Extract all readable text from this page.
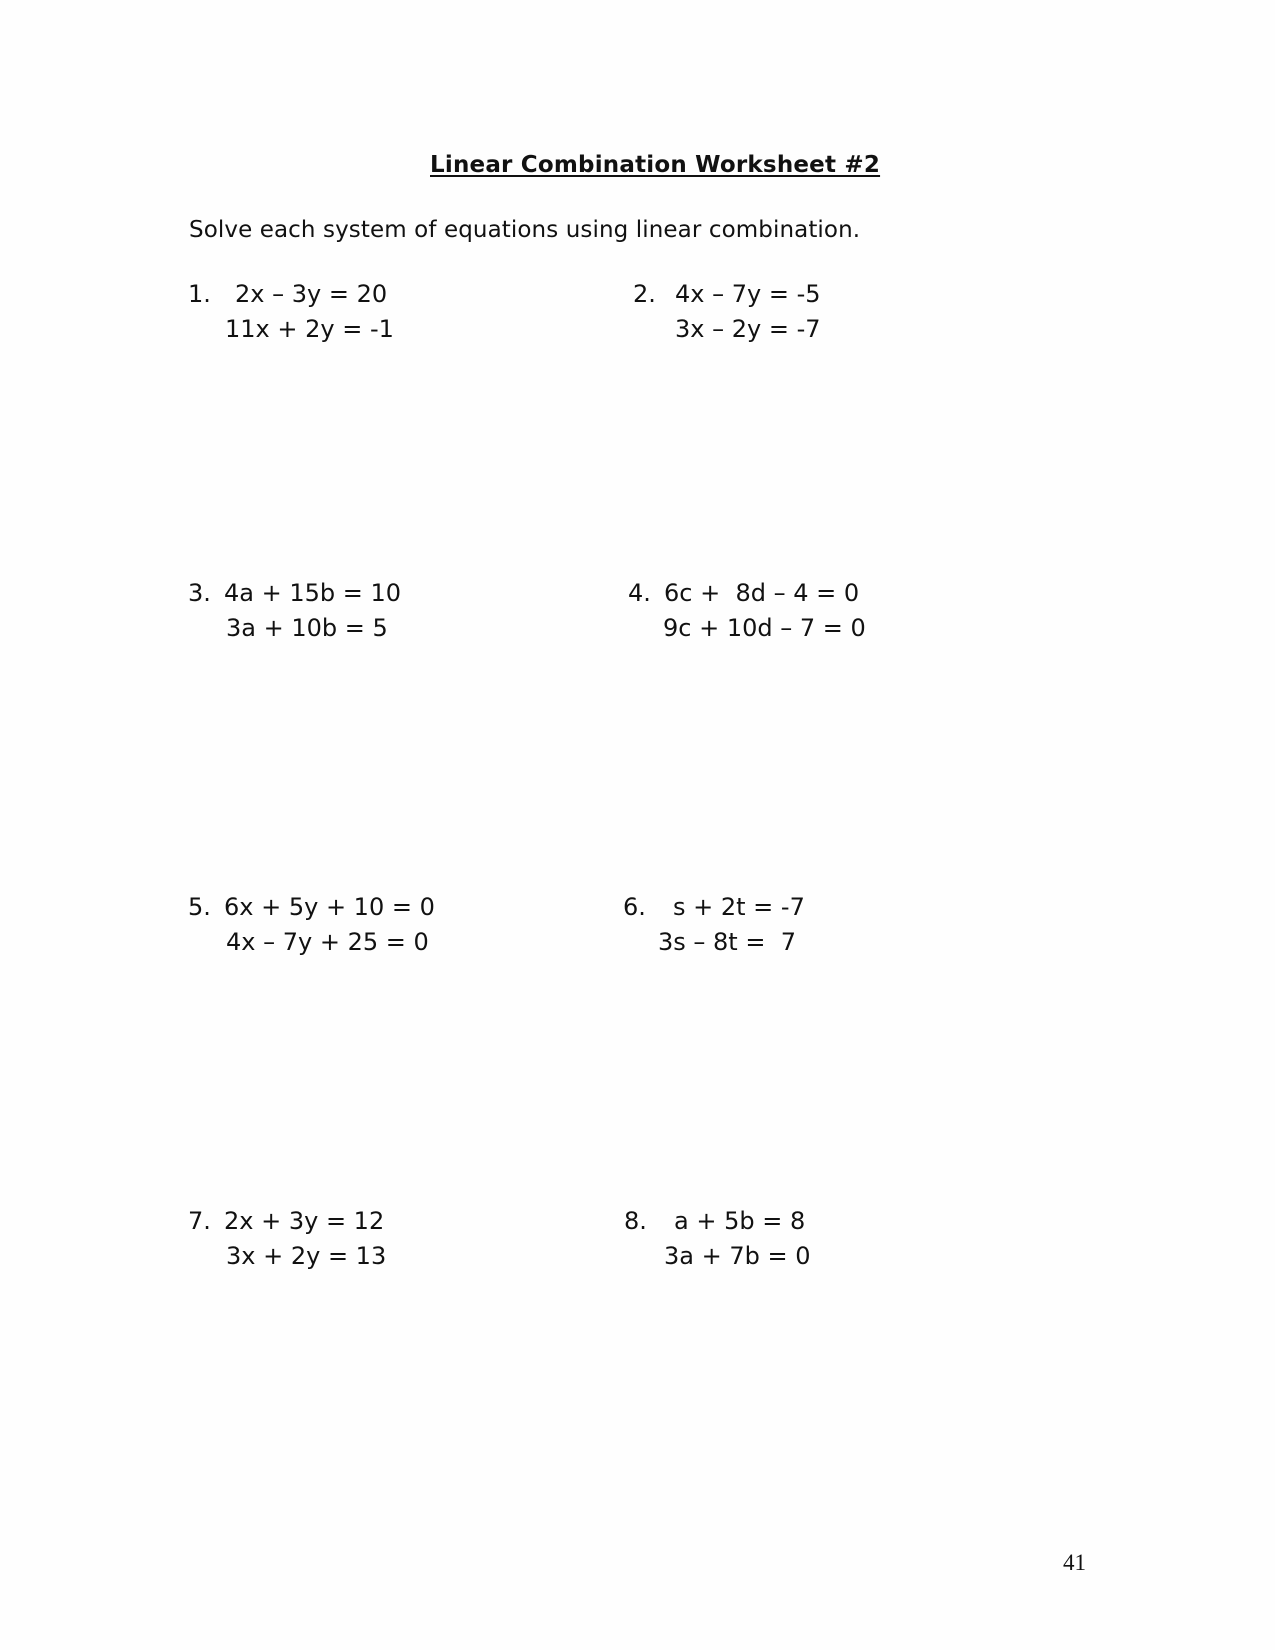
Linear Combination Worksheet #2
Solve each system of equations using linear combination.

1.

2x – 3y = 20

11x + 2y = -1

2.

4x – 7y = -5

3x – 2y = -7

3.

4a + 15b = 10

3a + 10b = 5

4.

6c +  8d – 4 = 0

9c + 10d – 7 = 0

5.

6x + 5y + 10 = 0

4x – 7y + 25 = 0

6.

s + 2t = -7

3s – 8t =  7

7.

2x + 3y = 12

3x + 2y = 13

8.

a + 5b = 8

3a + 7b = 0

41
